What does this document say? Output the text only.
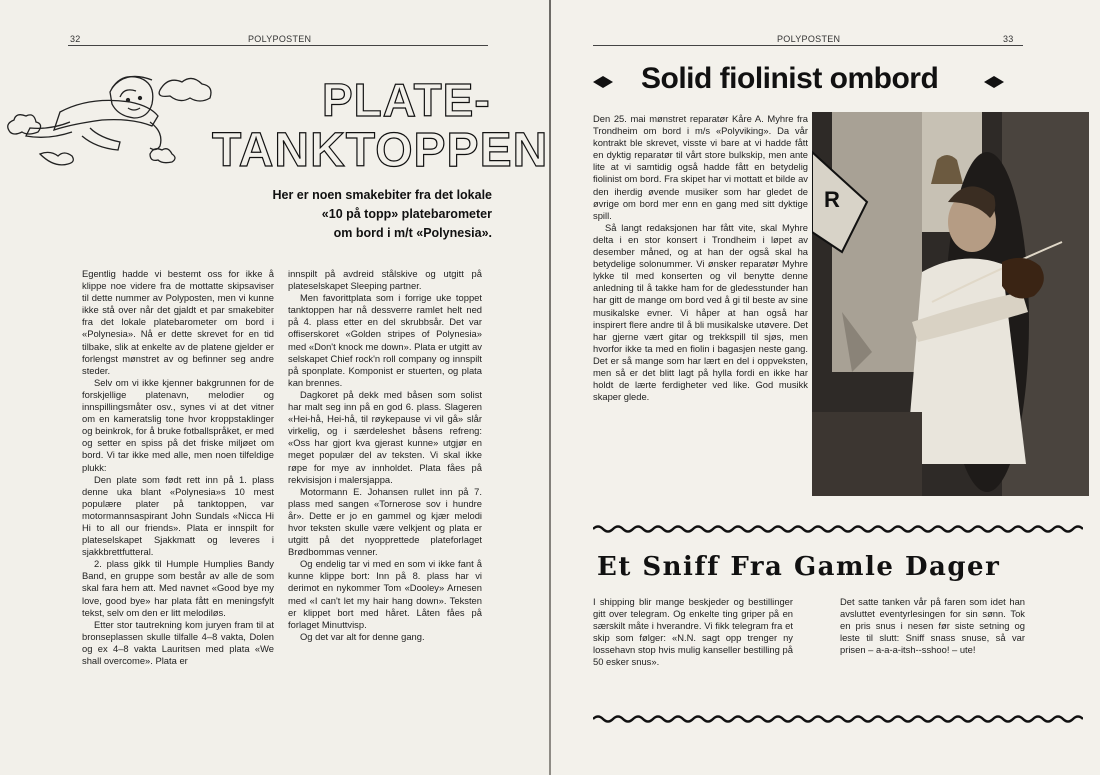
32	POLYPOSTEN
PLATE-
TANKTOPPEN
Her er noen smakebiter fra det lokale
«10 på topp» platebarometer
om bord i m/t «Polynesia».

Egentlig hadde vi bestemt oss for ikke å klippe noe videre fra de mottatte skipsaviser til dette nummer av Polyposten, men vi kunne ikke stå over når det gjaldt et par smakebiter fra det lokale platebarometer om bord i «Polynesia». Nå er dette skrevet for en tid tilbake, slik at enkelte av de platene gjelder er forlengst mønstret av og befinner seg andre steder.

Selv om vi ikke kjenner bakgrunnen for de forskjellige platenavn, melodier og innspillingsmåter osv., synes vi at det vitner om en kameratslig tone hvor kroppstaklinger og beinkrok, for å bruke fotballspråket, er med og setter en spiss på det friske miljøet om bord. Vi tar ikke med alle, men noen tilfeldige plukk:

Den plate som født rett inn på 1. plass denne uka blant «Polynesia»s 10 mest populære plater på tanktoppen, var motormannsaspirant John Sundals «Nicca Hi Hi to all our friends». Plata er innspilt for plateselskapet Sjakkmatt og leveres i sjakkbrettfutteral.

2. plass gikk til Humple Humplies Bandy Band, en gruppe som består av alle de som skal fara hem att. Med navnet «Good bye my love, good bye» har plata fått en meningsfylt tekst, selv om den er litt melodiløs.

Etter stor tautrekning kom juryen fram til at bronseplassen skulle tilfalle 4–8 vakta, Dolen og ex 4–8 vakta Lauritsen med plata «We shall overcome». Plata er

innspilt på avdreid stålskive og utgitt på plateselskapet Sleeping partner.

Men favorittplata som i forrige uke toppet tanktoppen har nå dessverre ramlet helt ned på 4. plass etter en del skrubbsår. Det var offiserskoret «Golden stripes of Polynesia» med «Don't knock me down». Plata er utgitt av selskapet Chief rock'n roll company og innspilt på sponplate. Komponist er stuerten, og plata kan brennes.

Dagkoret på dekk med båsen som solist har malt seg inn på en god 6. plass. Slageren «Hei-hå, Hei-hå, til røykepause vi vil gå» slår virkelig, og i særdeleshet båsens refreng: «Oss har gjort kva gjerast kunne» utgjør en meget populær del av teksten. Vi skal ikke røpe for mye av innholdet. Plata fåes på rekvisisjon i malersjappa.

Motormann E. Johansen rullet inn på 7. plass med sangen «Tornerose sov i hundre år». Dette er jo en gammel og kjær melodi hvor teksten skulle være velkjent og plata er utgitt på det nyopprettede plateforlaget Brødbommas venner.

Og endelig tar vi med en som vi ikke fant å kunne klippe bort: Inn på 8. plass har vi derimot en nykommer Tom «Dooley» Arnesen med «I can't let my hair hang down». Teksten er klippet bort med håret. Låten fåes på forlaget Minuttvisp.

Og det var alt for denne gang.

POLYPOSTEN	33
Solid fiolinist ombord

Den 25. mai mønstret reparatør Kåre A. Myhre fra Trondheim om bord i m/s «Polyviking». Da vår kontrakt ble skrevet, visste vi bare at vi hadde fått en dyktig reparatør til vårt store bulkskip, men ante lite at vi samtidig også hadde fått en betydelig fiolinist om bord. Fra skipet har vi mottatt et bilde av den iherdig øvende musiker som har gledet de øvrige om bord mer enn en gang med sitt dyktige spill.

Så langt redaksjonen har fått vite, skal Myhre delta i en stor konsert i Trondheim i løpet av desember måned, og at han der også skal ha betydelige solonummer. Vi ønsker reparatør Myhre lykke til med konserten og vil benytte denne anledning til å takke ham for de gledesstunder han har gitt de mange om bord ved å gi til beste av sine musikalske evner. Vi håper at han også har inspirert flere andre til å bli musikalske utøvere. Det har gjerne vært gitar og trekkspill til sjøs, men hvorfor ikke ta med en fiolin i bagasjen neste gang. Det er så mange som har lært en del i oppveksten, men så er det blitt lagt på hylla fordi en ikke har holdt de lærte ferdigheter ved like. God musikk skaper glede.

R
Et Sniff Fra Gamle Dager

I shipping blir mange beskjeder og bestillinger gitt over telegram. Og enkelte ting griper på en særskilt måte i hverandre. Vi fikk telegram fra et skip som følger: «N.N. sagt opp trenger ny lossehavn stop hvis mulig kanseller bestilling på 50 esker snus».

Det satte tanken vår på faren som idet han avsluttet eventyrlesingen for sin sønn. Tok en pris snus i nesen før siste setning og leste til slutt: Sniff snass snuse, så var prisen – a-a-a-itsh--sshoo! – ute!
